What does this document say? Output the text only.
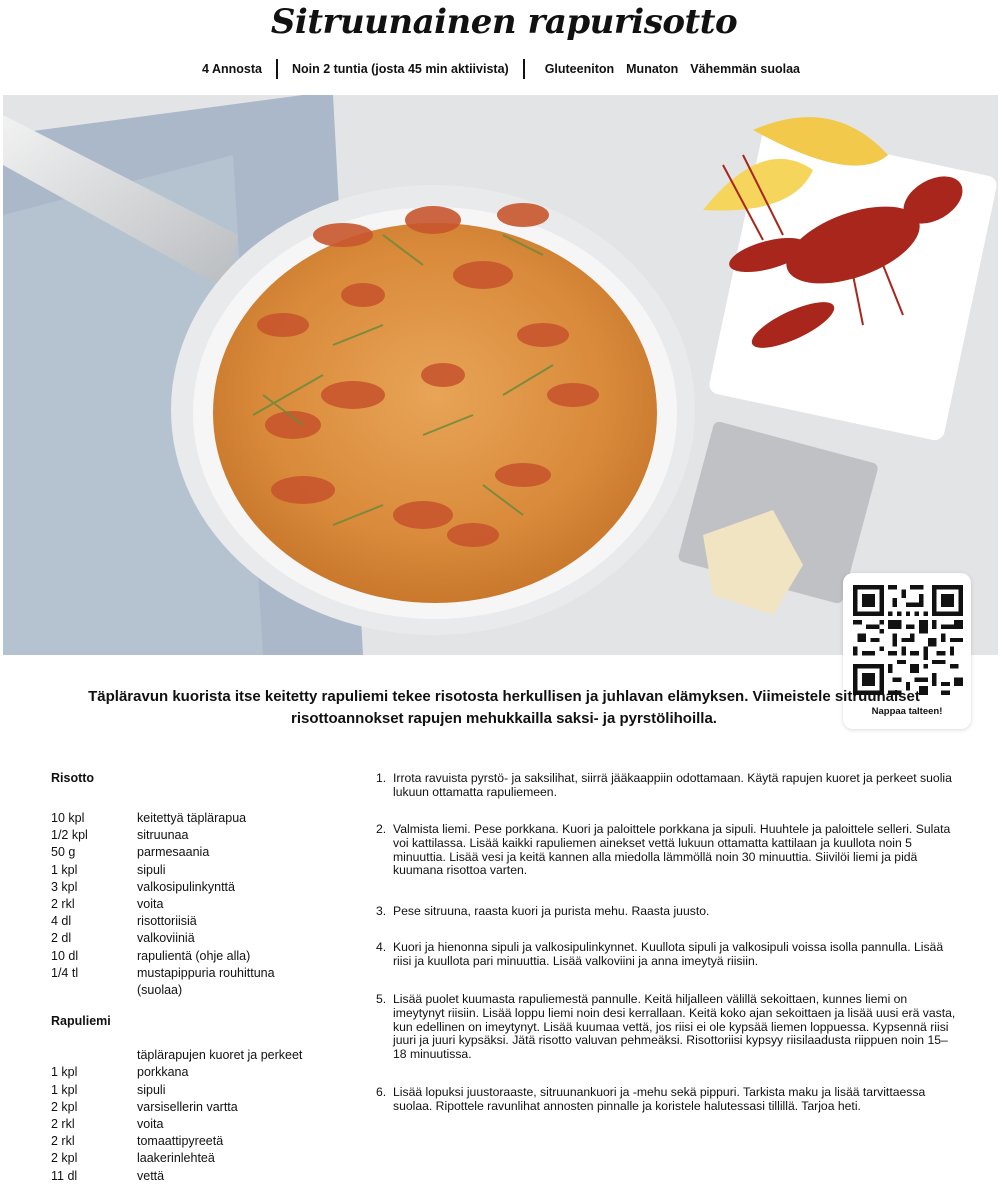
Sitruunainen rapurisotto
4 Annosta Noin 2 tuntia (josta 45 min aktiivista)	Gluteeniton Munaton Vähemmän suolaa
Nappaa talteen!
Täpläravun kuorista itse keitetty rapuliemi tekee risotosta herkullisen ja juhlavan elämyksen. Viimeistele sitruunaiset risottoannokset rapujen mehukkailla saksi- ja pyrstölihoilla.
Risotto
10 kpl	keitettyä täplärapua
1/2 kpl	sitruunaa
50 g	parmesaania
1 kpl	sipuli
3 kpl	valkosipulinkynttä
2 rkl	voita
4 dl	risottoriisiä
2 dl	valkoviiniä
10 dl	rapulientä (ohje alla)
1/4 tl	mustapippuria rouhittuna
(suolaa)
Rapuliemi
täplärapujen kuoret ja perkeet
1 kpl	porkkana
1 kpl	sipuli
2 kpl	varsisellerin vartta
2 rkl	voita
2 rkl	tomaattipyreetä
2 kpl	laakerinlehteä
11 dl	vettä
1. Irrota ravuista pyrstö- ja saksilihat, siirrä jääkaappiin odottamaan. Käytä rapujen kuoret ja perkeet suolia lukuun ottamatta rapuliemeen.
2. Valmista liemi. Pese porkkana. Kuori ja paloittele porkkana ja sipuli. Huuhtele ja paloittele selleri. Sulata voi kattilassa. Lisää kaikki rapuliemen ainekset vettä lukuun ottamatta kattilaan ja kuullota noin 5 minuuttia. Lisää vesi ja keitä kannen alla miedolla lämmöllä noin 30 minuuttia. Siivilöi liemi ja pidä kuumana risottoa varten.
3. Pese sitruuna, raasta kuori ja purista mehu. Raasta juusto.
4. Kuori ja hienonna sipuli ja valkosipulinkynnet. Kuullota sipuli ja valkosipuli voissa isolla pannulla. Lisää riisi ja kuullota pari minuuttia. Lisää valkoviini ja anna imeytyä riisiin.
5. Lisää puolet kuumasta rapuliemestä pannulle. Keitä hiljalleen välillä sekoittaen, kunnes liemi on imeytynyt riisiin. Lisää loppu liemi noin desi kerrallaan. Keitä koko ajan sekoittaen ja lisää uusi erä vasta, kun edellinen on imeytynyt. Lisää kuumaa vettä, jos riisi ei ole kypsää liemen loppuessa. Kypsennä riisi juuri ja juuri kypsäksi. Jätä risotto valuvan pehmeäksi. Risottoriisi kypsyy riisilaadusta riippuen noin 15–18 minuutissa.
6. Lisää lopuksi juustoraaste, sitruunankuori ja -mehu sekä pippuri. Tarkista maku ja lisää tarvittaessa suolaa. Ripottele ravunlihat annosten pinnalle ja koristele halutessasi tillillä. Tarjoa heti.
